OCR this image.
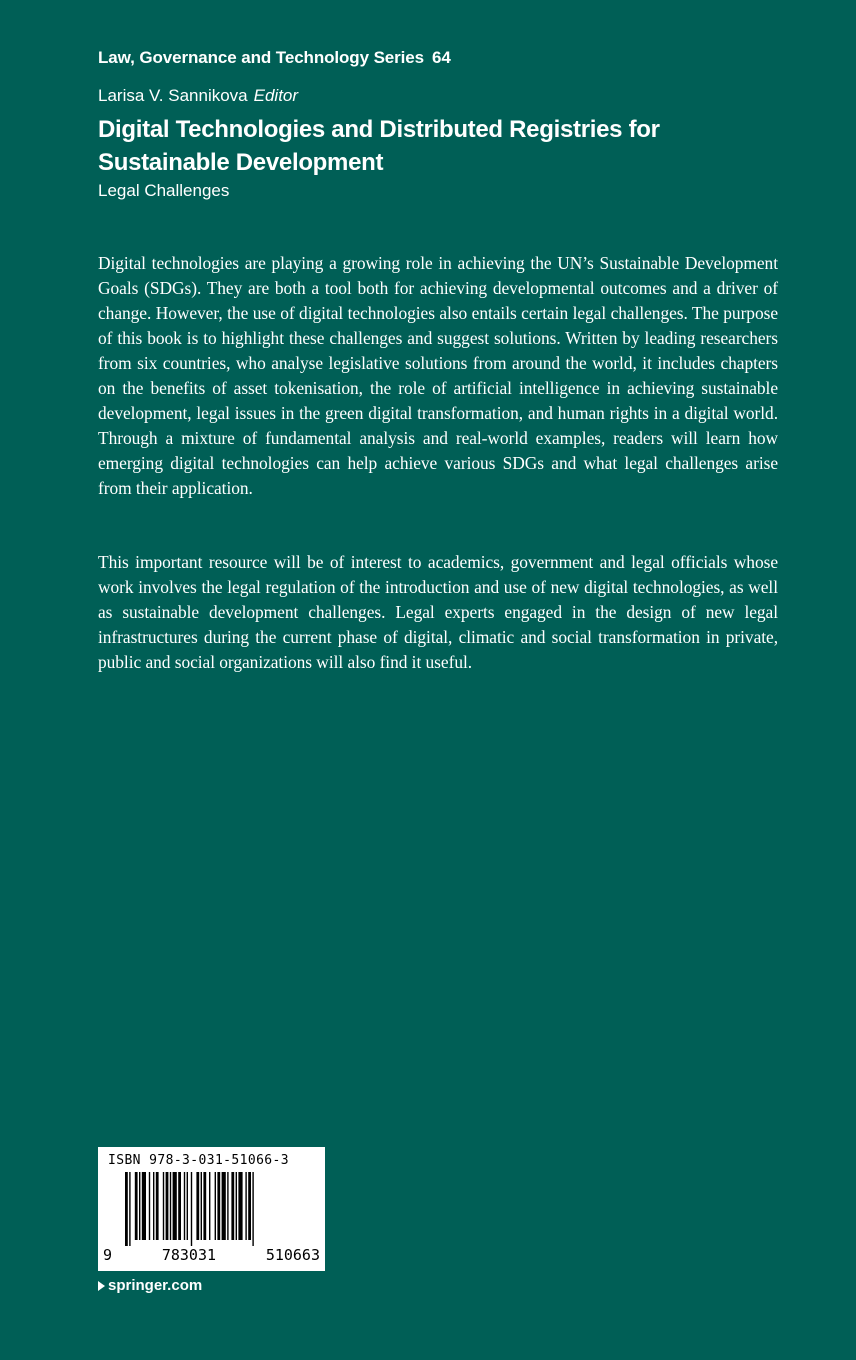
Law, Governance and Technology Series 64
Larisa V. Sannikova Editor
Digital Technologies and Distributed Registries for Sustainable Development
Legal Challenges

Digital technologies are playing a growing role in achieving the UN’s Sustainable Development Goals (SDGs). They are both a tool both for achieving developmental outcomes and a driver of change. However, the use of digital technologies also entails certain legal challenges. The purpose of this book is to highlight these challenges and suggest solutions. Written by leading researchers from six countries, who analyse legislative solutions from around the world, it includes chapters on the benefits of asset tokenisation, the role of artificial intelligence in achieving sustainable development, legal issues in the green digital transformation, and human rights in a digital world. Through a mixture of fundamental analysis and real-world examples, readers will learn how emerging digital technologies can help achieve various SDGs and what legal challenges arise from their application.

This important resource will be of interest to academics, government and legal officials whose work involves the legal regulation of the introduction and use of new digital technologies, as well as sustainable development challenges. Legal experts engaged in the design of new legal infrastructures during the current phase of digital, climatic and social transformation in private, public and social organizations will also find it useful.

ISBN 978-3-031-51066-3
9	783031	510663
springer.com
